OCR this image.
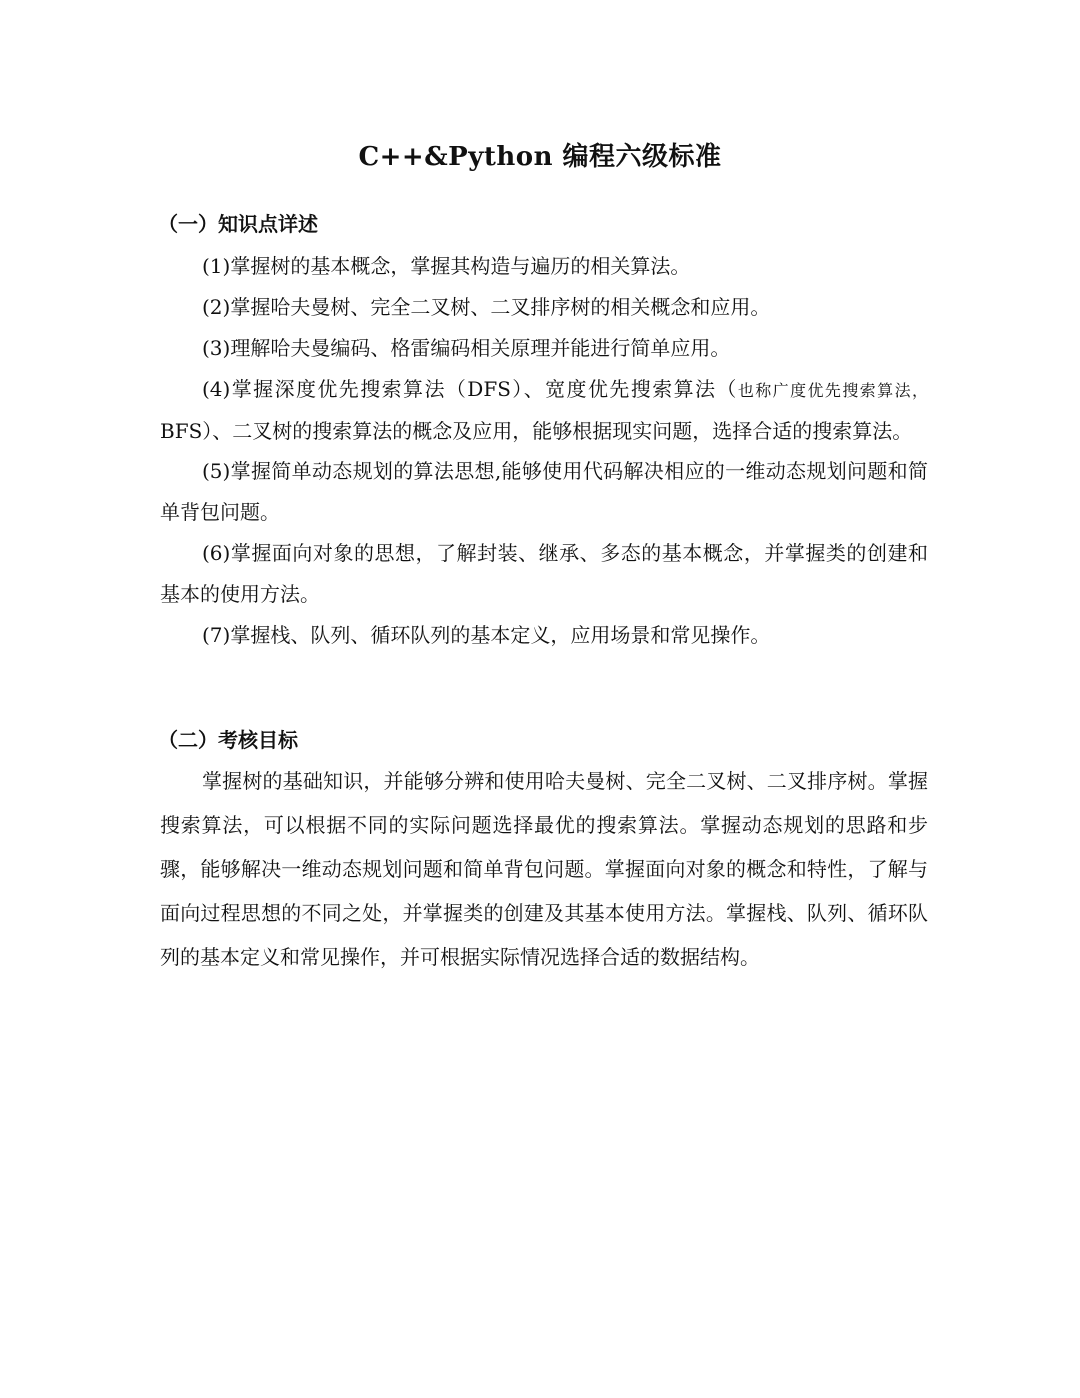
C++&Python 编程六级标准
（一）知识点详述
(1)掌握树的基本概念，掌握其构造与遍历的相关算法。
(2)掌握哈夫曼树、完全二叉树、二叉排序树的相关概念和应用。
(3)理解哈夫曼编码、格雷编码相关原理并能进行简单应用。
(4)掌握深度优先搜索算法（DFS）、宽度优先搜索算法（也称广度优先搜索算法，BFS）、二叉树的搜索算法的概念及应用，能够根据现实问题，选择合适的搜索算法。
(5)掌握简单动态规划的算法思想,能够使用代码解决相应的一维动态规划问题和简单背包问题。
(6)掌握面向对象的思想，了解封装、继承、多态的基本概念，并掌握类的创建和基本的使用方法。
(7)掌握栈、队列、循环队列的基本定义，应用场景和常见操作。
（二）考核目标
掌握树的基础知识，并能够分辨和使用哈夫曼树、完全二叉树、二叉排序树。掌握搜索算法，可以根据不同的实际问题选择最优的搜索算法。掌握动态规划的思路和步骤，能够解决一维动态规划问题和简单背包问题。掌握面向对象的概念和特性，了解与面向过程思想的不同之处，并掌握类的创建及其基本使用方法。掌握栈、队列、循环队列的基本定义和常见操作，并可根据实际情况选择合适的数据结构。
